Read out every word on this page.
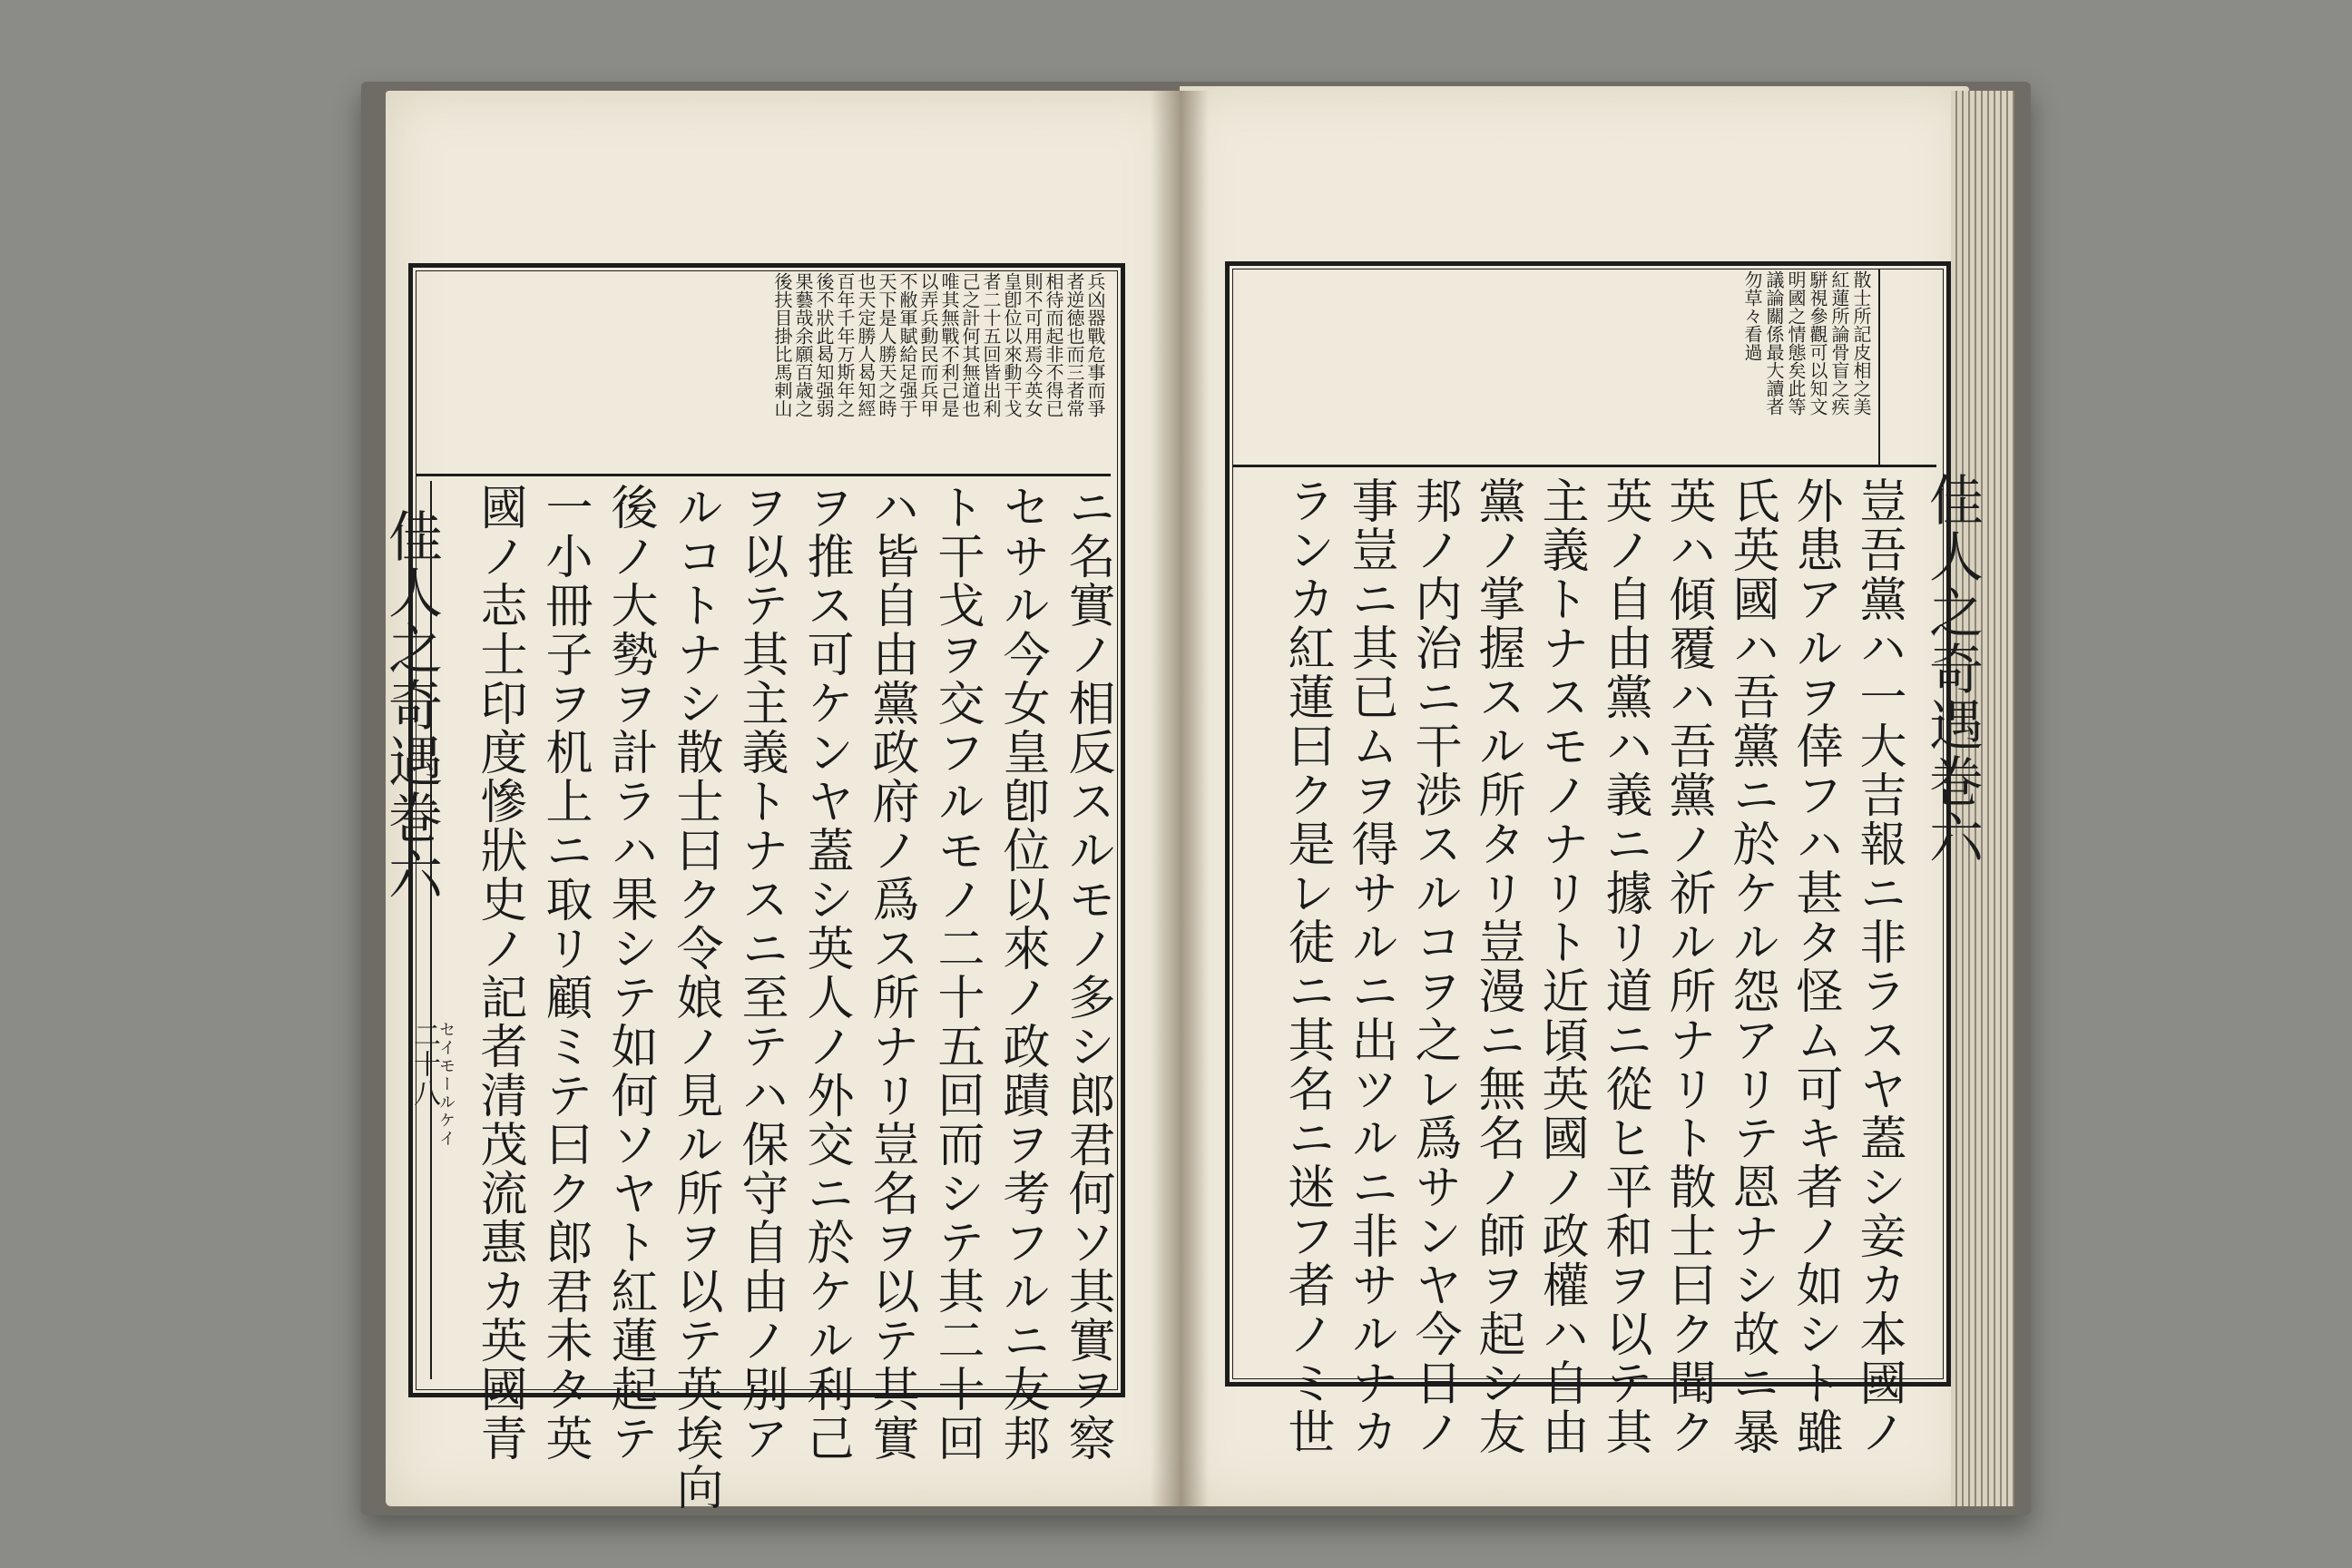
兵凶器戰危事而爭
者逆徳也而三者常
相待而起非不得已
則不可用焉今英女
皇卽位以來動干戈
者二十五回皆出利
己之計何其無道也
唯其無戰不利己是
以弄兵動民而兵甲
不敝軍賦給足强于
天下是人勝天之時
也天定勝人曷知經
百年千年万斯年之
後不狀此曷知强弱
果藝哉余願百歳之
後扶目掛比馬剌山
ニ名實ノ相反スルモノ多シ郎君何ソ其實ヲ察
セサル今女皇卽位以來ノ政蹟ヲ考フルニ友邦
ト干戈ヲ交フルモノ二十五回而シテ其二十回
ハ皆自由黨政府ノ爲ス所ナリ豈名ヲ以テ其實
ヲ推ス可ケンヤ蓋シ英人ノ外交ニ於ケル利己
ヲ以テ其主義トナスニ至テハ保守自由ノ別ア
ルコトナシ散士曰ク令娘ノ見ル所ヲ以テ英埃向
後ノ大勢ヲ計ラハ果シテ如何ソヤト紅蓮起テ
一小冊子ヲ机上ニ取リ顧ミテ曰ク郎君未タ英
國ノ志士印度慘狀史ノ記者清茂流惠カ英國青
セイモールケイ
佳人之奇遇巻六
二十八
散士所記皮相之美
紅蓮所論骨盲之疾
駢視參觀可以知文
明國之情態矣此等
議論關係最大讀者
勿草々看過
豈吾黨ハ一大吉報ニ非ラスヤ蓋シ妾カ本國ノ
外患アルヲ倖フハ甚タ怪ム可キ者ノ如シト雖
氏英國ハ吾黨ニ於ケル怨アリテ恩ナシ故ニ暴
英ハ傾覆ハ吾黨ノ祈ル所ナリト散士曰ク聞ク
英ノ自由黨ハ義ニ據リ道ニ從ヒ平和ヲ以テ其
主義トナスモノナリト近頃英國ノ政權ハ自由
黨ノ掌握スル所タリ豈漫ニ無名ノ師ヲ起シ友
邦ノ内治ニ干渉スルコヲ之レ爲サンヤ今日ノ
事豈ニ其已ムヲ得サルニ出ツルニ非サルナカ
ランカ紅蓮曰ク是レ徒ニ其名ニ迷フ者ノミ世	佳人之奇遇巻六
